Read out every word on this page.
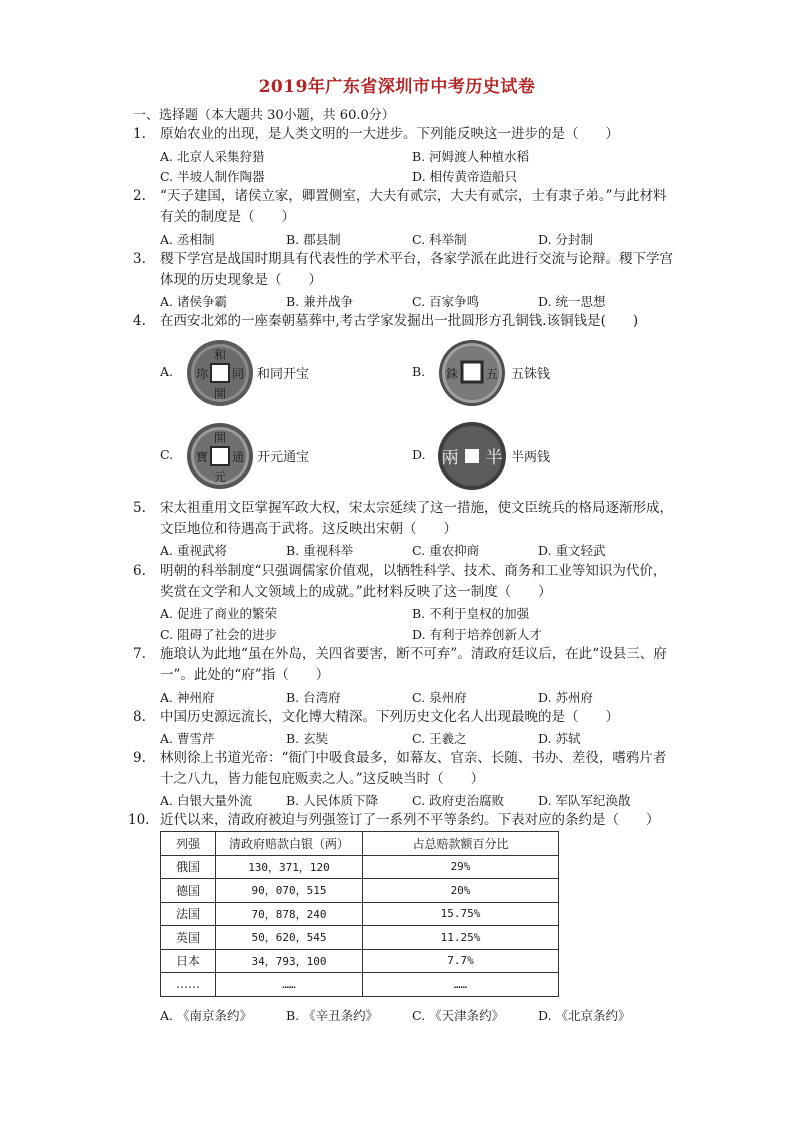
2019年广东省深圳市中考历史试卷
一、选择题（本大题共 30小题，共 60.0分）
1.	原始农业的出现，是人类文明的一大进步。下列能反映这一进步的是（　　）
A. 北京人采集狩猎	B. 河姆渡人种植水稻
C. 半坡人制作陶器	D. 相传黄帝造船只
2.	“天子建国，诸侯立家，卿置侧室，大夫有贰宗，大夫有贰宗，士有隶子弟。”与此材料有关的制度是（　　）
A. 丞相制	B. 郡县制	C. 科举制	D. 分封制
3.	稷下学宫是战国时期具有代表性的学术平台，各家学派在此进行交流与论辩。稷下学宫体现的历史现象是（　　）
A. 诸侯争霸	B. 兼并战争	C. 百家争鸣	D. 统一思想
4.	在西安北郊的一座秦朝墓葬中,考古学家发掘出一批圆形方孔铜钱.该铜钱是(　　)
A.
和
開
珎 同 和同开宝	B. 銖 五 五铢钱
C.
開
元
寶 通 开元通宝	D. 兩 半 半两钱
5.	宋太祖重用文臣掌握军政大权，宋太宗延续了这一措施，使文臣统兵的格局逐渐形成，文臣地位和待遇高于武将。这反映出宋朝（　　）
A. 重视武将	B. 重视科举	C. 重农抑商	D. 重文轻武
6.	明朝的科举制度“只强调儒家价值观，以牺牲科学、技术、商务和工业等知识为代价，奖赏在文学和人文领域上的成就。”此材料反映了这一制度（　　）
A. 促进了商业的繁荣	B. 不利于皇权的加强
C. 阻碍了社会的进步	D. 有利于培养创新人才
7.	施琅认为此地“虽在外岛，关四省要害，断不可弃”。清政府廷议后，在此“设县三、府一”。此处的“府”指（　　）
A. 神州府	B. 台湾府	C. 泉州府	D. 苏州府
8.	中国历史源远流长，文化博大精深。下列历史文化名人出现最晚的是（　　）
A. 曹雪芹	B. 玄奘	C. 王羲之	D. 苏轼
9.	林则徐上书道光帝：“衙门中吸食最多，如幕友、官亲、长随、书办、差役，嗜鸦片者十之八九，皆力能包庇贩卖之人。”这反映当时（　　）
A. 白银大量外流	B. 人民体质下降	C. 政府吏治腐败	D. 军队军纪涣散
10. 近代以来，清政府被迫与列强签订了一系列不平等条约。下表对应的条约是（　　）
列强	清政府赔款白银（两）	占总赔款额百分比
俄国	130，371，120	29%
德国	90，070，515	20%
法国	70，878，240	15.75%
英国	50，620，545	11.25%
日本	34，793，100	7.7%
……	……	……
A. 《南京条约》	B. 《辛丑条约》	C. 《天津条约》	D. 《北京条约》
